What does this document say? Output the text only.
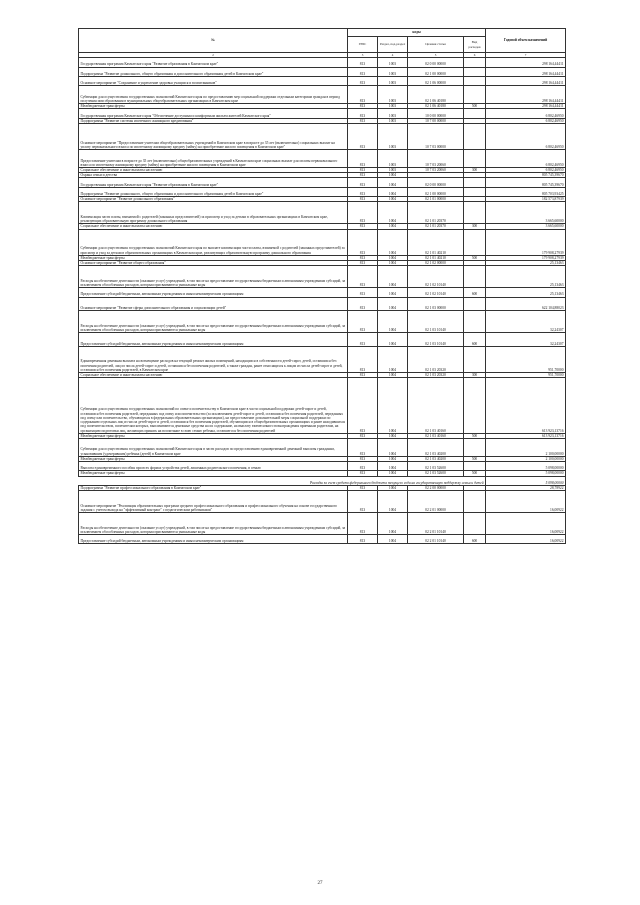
№	коды				Годовой объем назначений
	ГРБС	Раздел, под-раздел	Целевая статья	Вид расходов	
2	3	4	5	6	7
Государственная программа Камчатского края "Развитие образования в Камчатском крае"	813	1003	02 0 00 00000		298 164,44411
Подпрограмма "Развитие дошкольного, общего образования и дополнительного образования детей в Камчатском крае"	813	1003	02 1 00 00000		298 164,44411
Основное мероприятие "Сохранение и укрепление здоровья учащихся и воспитанников"	813	1003	02 1 06 00000		298 164,44411
Субвенции для осуществления государственных полномочий Камчатского края по предоставлению мер социальной поддержки отдельным категориям граждан в период получения ими образования в муниципальных общеобразовательных организациях в Камчатском крае	813	1003	02 1 06 40180		298 164,44411
Межбюджетные трансферты	813	1003	02 1 06 40180	500	298 164,44411
Государственная программа Камчатского края "Обеспечение доступным и комфортным жильем жителей Камчатского края"	813	1003	10 0 00 00000		6 802,46950
Подпрограмма "Развитие системы ипотечного жилищного кредитования"	813	1003	10 7 00 00000		6 802,46950
Основное мероприятие "Предоставление учителям общеобразовательных учреждений в Камчатском крае в возрасте до 35 лет (включительно) социальных выплат на уплату первоначального взноса по ипотечному жилищному кредиту (займу) на приобретение жилого помещения в Камчатском крае"	813	1003	10 7 03 00000		6 802,46950
Предоставление учителям в возрасте до 35 лет (включительно) общеобразовательных учреждений в Камчатском крае социальных выплат для оплаты первоначального взноса по ипотечному жилищному кредиту (займу) на приобретение жилого помещения в Камчатском крае	813	1003	10 7 03 20060		6 802,46950
Социальное обеспечение и иные выплаты населению	813	1003	10 7 03 20060	300	6 802,46950
Охрана семьи и детства	813	1004			805 745,39670
Государственная программа Камчатского края "Развитие образования в Камчатском крае"	813	1004	02 0 00 00000		805 745,39670
Подпрограмма "Развитие дошкольного, общего образования и дополнительного образования детей в Камчатском крае"	813	1004	02 1 00 00000		805 703,93425
Основное мероприятие "Развитие дошкольного образования"	813	1004	02 1 01 00000		182 573,87939
Компенсация части платы, взимаемой с родителей (законных представителей) за присмотр и уход за детьми в образовательных организациях в Камчатском крае, реализующих образовательную программу дошкольного образования	813	1004	02 1 01 20370		3 665,60000
Социальное обеспечение и иные выплаты населению	813	1004	02 1 01 20370	300	3 665,60000
Субвенции для осуществления государственных полномочий Камчатского края по выплате компенсации части платы, взимаемой с родителей (законных представителей) за присмотр и уход за детьми в образовательных организациях в Камчатском крае, реализующих образовательную программу дошкольного образования	813	1004	02 1 01 40210		179 908,27939
Межбюджетные трансферты	813	1004	02 1 01 40210	500	179 908,27939
Основное мероприятие "Развитие общего образования"	813	1004	02 1 02 00000		25,13463
Расходы на обеспечение деятельности (оказание услуг) учреждений, в том числе на предоставление государственным бюджетным и автономным учреждениям субсидий, за исключением обособленных расходов, которым присваиваются уникальные коды	813	1004	02 1 02 10140		25,13463
Предоставление субсидий бюджетным, автономным учреждениям и иным некоммерческим организациям	813	1004	02 1 02 10140	600	25,13463
Основное мероприятие "Развитие сферы дополнительного образования и социализации детей"	813	1004	02 1 03 00000		622 104,88023
Расходы на обеспечение деятельности (оказание услуг) учреждений, в том числе на предоставление государственным бюджетным и автономным учреждениям субсидий, за исключением обособленных расходов, которым присваиваются уникальные коды	813	1004	02 1 03 10140		32,24307
Предоставление субсидий бюджетным, автономным учреждениям и иным некоммерческим организациям	813	1004	02 1 03 10140	600	32,24307
Единовременная денежная выплата на возмещение расходов на текущий ремонт жилых помещений, находящихся в собственности детей-сирот, детей, оставшихся без попечения родителей, лиц из числа детей-сирот и детей, оставшихся без попечения родителей, а также граждан, ранее относящихся к лицам из числа детей-сирот и детей, оставшихся без попечения родителей, в Камчатском крае	813	1004	02 1 03 20320		951,70000
Социальное обеспечение и иные выплаты населению	813	1004	02 1 03 20320	300	951,70000
Субвенции для осуществления государственных полномочий по опеке и попечительству в Камчатском крае в части социальной поддержки детей-сирот и детей, оставшихся без попечения родителей, переданных под опеку или попечительство (за исключением детей-сирот и детей, оставшихся без попечения родителей, переданных под опеку или попечительство, обучающихся в федеральных образовательных организациях), на предоставление дополнительной меры социальной поддержки по содержанию отдельных лиц из числа детей-сирот и детей, оставшихся без попечения родителей, обучающихся в общеобразовательных организациях и ранее находившихся под попечительством, попечителям которых, выплачиваются денежные средства на их содержание, на выплату ежемесячного вознаграждения приемным родителям, на организацию подготовки лиц, желающих принять на воспитание в свою семью ребенка, оставшегося без попечения родителей	813	1004	02 1 03 40160		613 923,13716
Межбюджетные трансферты	813	1004	02 1 03 40160	500	613 923,13716
Субвенции для осуществления государственных полномочий Камчатского края в части расходов по предоставлению единовременной денежной выплаты гражданам, усыновившим (удочерившим) ребенка (детей) в Камчатском крае	813	1004	02 1 03 40200		2 100,00000
Межбюджетные трансферты	813	1004	02 1 03 40200	500	2 100,00000
Выплата единовременного пособия при всех формах устройства детей, лишенных родительского попечения, в семью	813	1004	02 1 03 52600		5 098,00000
Межбюджетные трансферты	813	1004	02 1 03 52600	500	5 098,00000
Расходы за счет средств федерального бюджета текущего года на государственную поддержку семьи и детей					5 098,00000
Подпрограмма "Развитие профессионального образования в Камчатском крае"	813	1004	02 2 00 00000		28,78922
Основное мероприятие "Реализация образовательных программ среднего профессионального образования и профессионального обучения на основе государственного задания с учетом выхода на "эффективный контракт" с педагогическим работниками"	813	1004	02 2 01 00000		16,00922
Расходы на обеспечение деятельности (оказание услуг) учреждений, в том числе на предоставление государственным бюджетным и автономным учреждениям субсидий, за исключением обособленных расходов, которым присваиваются уникальные коды	813	1004	02 2 01 10140		16,00922
Предоставление субсидий бюджетным, автономным учреждениям и иным некоммерческим организациям	813	1004	02 2 01 10140	600	16,00922
27
